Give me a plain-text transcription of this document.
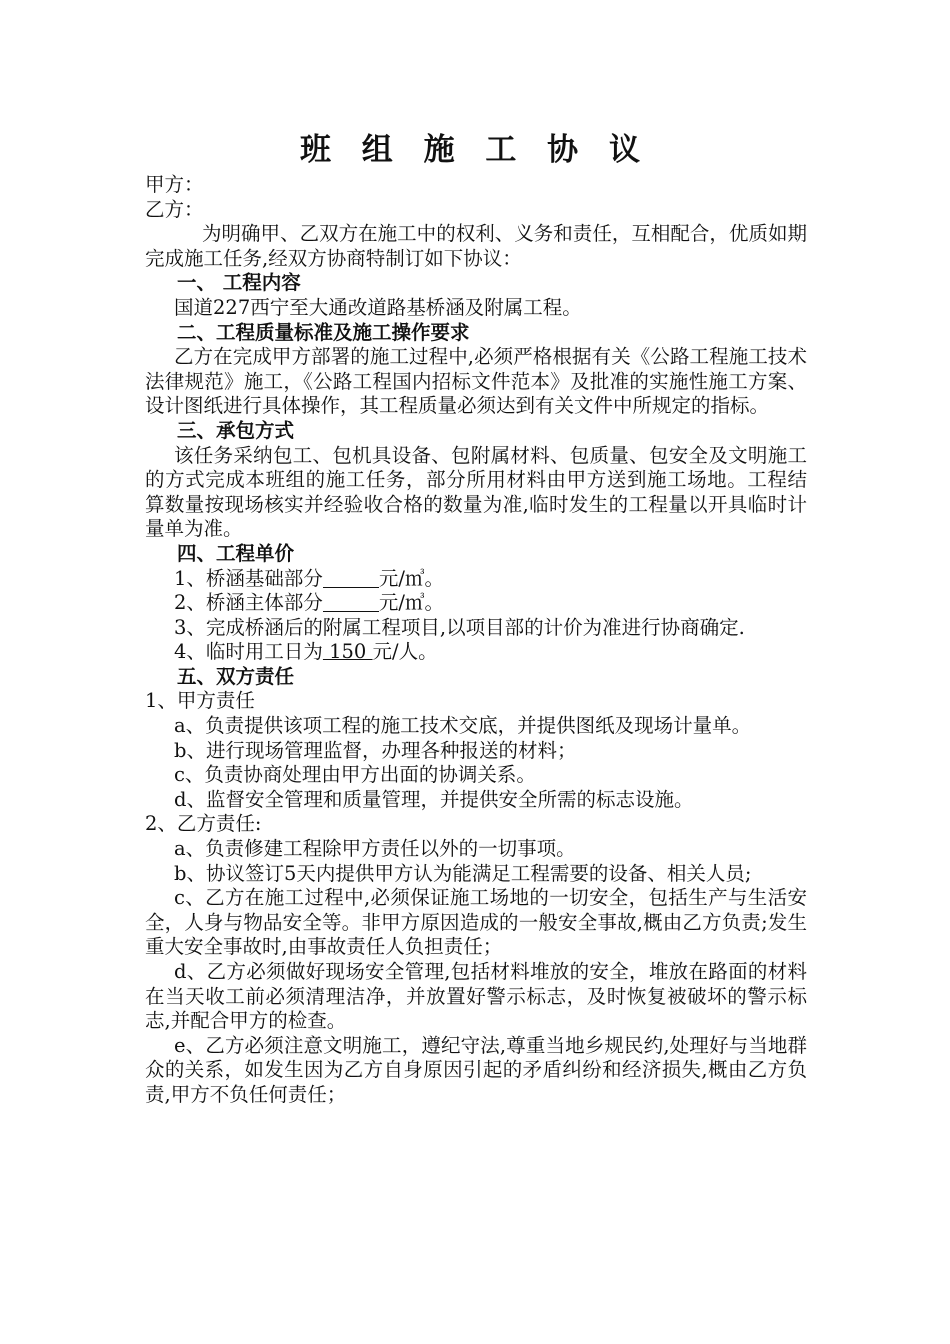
班 组 施 工 协 议

甲方：

乙方：

为明确甲、乙双方在施工中的权利、义务和责任，互相配合，优质如期完成施工任务,经双方协商特制订如下协议：

一、 工程内容

国道227西宁至大通改道路基桥涵及附属工程。

二、工程质量标准及施工操作要求

乙方在完成甲方部署的施工过程中,必须严格根据有关《公路工程施工技术法律规范》施工，《公路工程国内招标文件范本》及批准的实施性施工方案、设计图纸进行具体操作，其工程质量必须达到有关文件中所规定的指标。

三、承包方式

该任务采纳包工、包机具设备、包附属材料、包质量、包安全及文明施工的方式完成本班组的施工任务，部分所用材料由甲方送到施工场地。工程结算数量按现场核实并经验收合格的数量为准,临时发生的工程量以开具临时计量单为准。

四、工程单价

1、桥涵基础部分	元/㎥。

2、桥涵主体部分	元/㎥。

3、完成桥涵后的附属工程项目,以项目部的计价为准进行协商确定.

4、临时用工日为 150 元/人。

五、双方责任

1、甲方责任

a、负责提供该项工程的施工技术交底，并提供图纸及现场计量单。

b、进行现场管理监督，办理各种报送的材料；

c、负责协商处理由甲方出面的协调关系。

d、监督安全管理和质量管理，并提供安全所需的标志设施。

2、乙方责任:

a、负责修建工程除甲方责任以外的一切事项。

b、协议签订5天内提供甲方认为能满足工程需要的设备、相关人员;

c、乙方在施工过程中,必须保证施工场地的一切安全，包括生产与生活安全，人身与物品安全等。非甲方原因造成的一般安全事故,概由乙方负责;发生重大安全事故时,由事故责任人负担责任；

d、乙方必须做好现场安全管理,包括材料堆放的安全，堆放在路面的材料在当天收工前必须清理洁净，并放置好警示标志，及时恢复被破坏的警示标志,并配合甲方的检查。

e、乙方必须注意文明施工，遵纪守法,尊重当地乡规民约,处理好与当地群众的关系，如发生因为乙方自身原因引起的矛盾纠纷和经济损失,概由乙方负责,甲方不负任何责任；
